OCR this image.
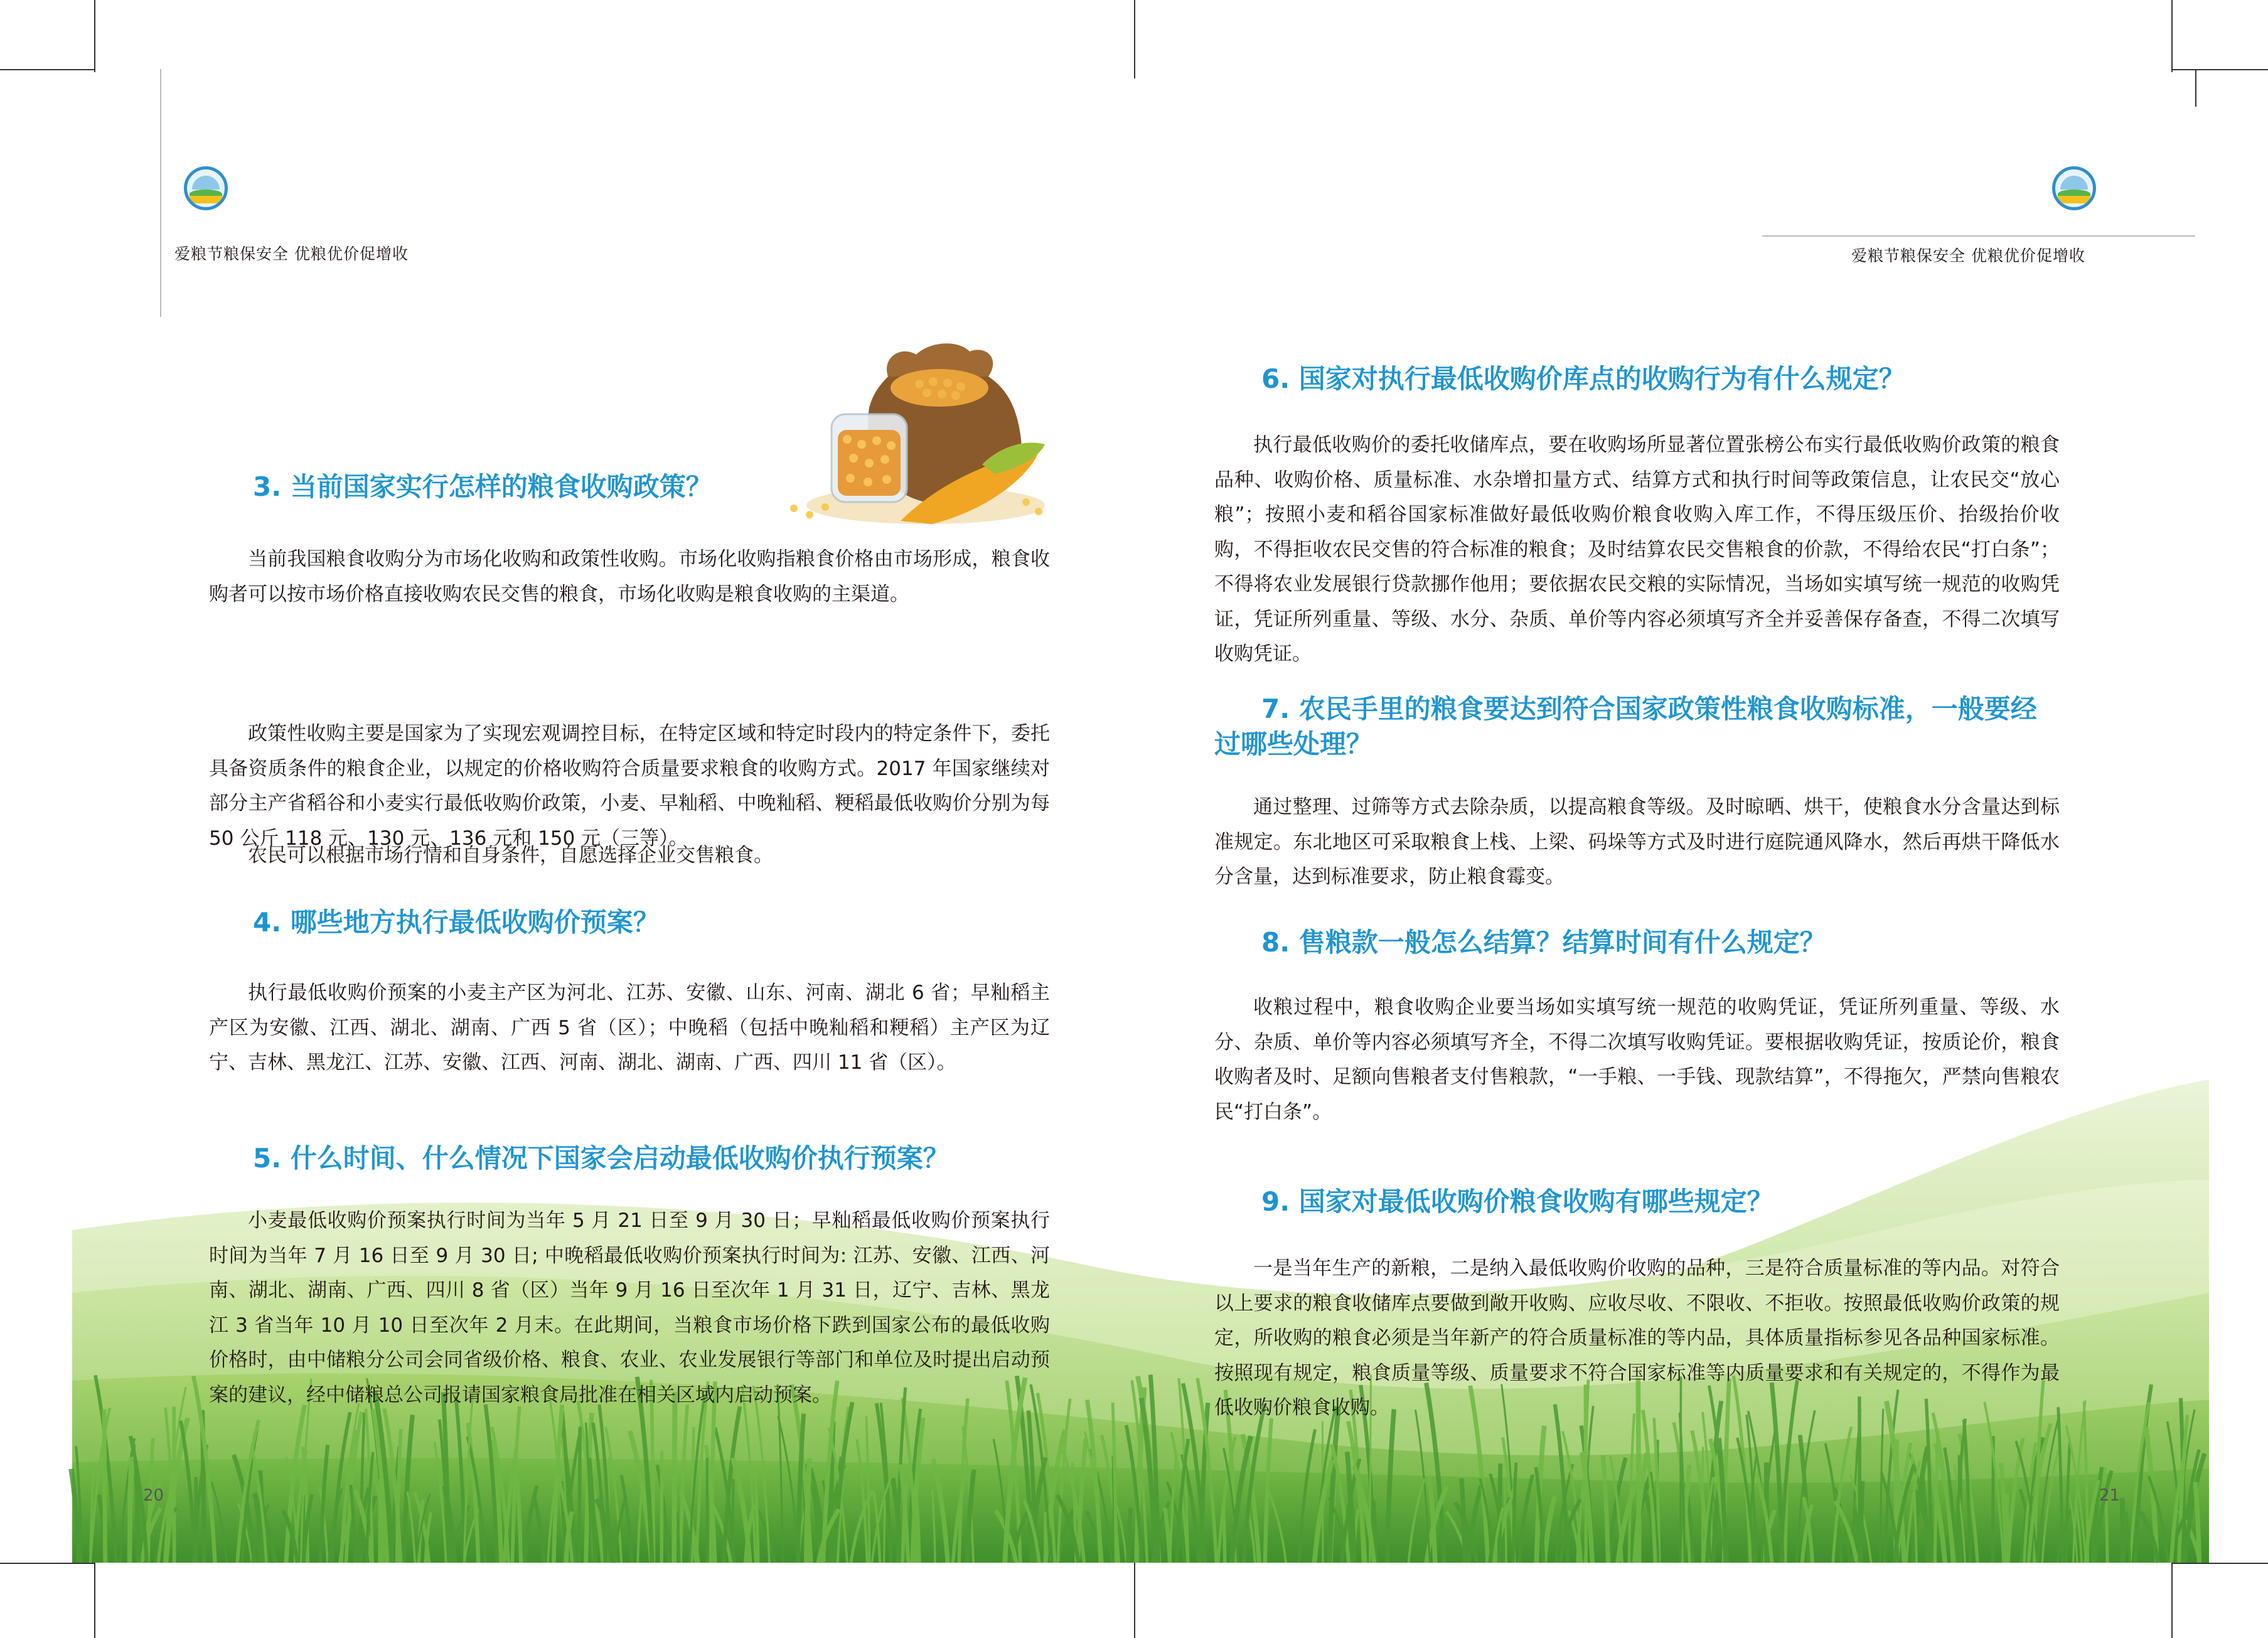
爱粮节粮保安全 优粮优价促增收	爱粮节粮保安全 优粮优价促增收
3. 当前国家实行怎样的粮食收购政策？

当前我国粮食收购分为市场化收购和政策性收购。市场化收购指粮食价格由市场形成，粮食收购者可以按市场价格直接收购农民交售的粮食，市场化收购是粮食收购的主渠道。

政策性收购主要是国家为了实现宏观调控目标，在特定区域和特定时段内的特定条件下，委托具备资质条件的粮食企业，以规定的价格收购符合质量要求粮食的收购方式。2017 年国家继续对部分主产省稻谷和小麦实行最低收购价政策，小麦、早籼稻、中晚籼稻、粳稻最低收购价分别为每 50 公斤 118 元、130 元、136 元和 150 元（三等）。

农民可以根据市场行情和自身条件，自愿选择企业交售粮食。

4. 哪些地方执行最低收购价预案？

执行最低收购价预案的小麦主产区为河北、江苏、安徽、山东、河南、湖北 6 省；早籼稻主产区为安徽、江西、湖北、湖南、广西 5 省（区）；中晚稻（包括中晚籼稻和粳稻）主产区为辽宁、吉林、黑龙江、江苏、安徽、江西、河南、湖北、湖南、广西、四川 11 省（区）。

5. 什么时间、什么情况下国家会启动最低收购价执行预案？

小麦最低收购价预案执行时间为当年 5 月 21 日至 9 月 30 日；早籼稻最低收购价预案执行时间为当年 7 月 16 日至 9 月 30 日; 中晚稻最低收购价预案执行时间为: 江苏、安徽、江西、河南、湖北、湖南、广西、四川 8 省（区）当年 9 月 16 日至次年 1 月 31 日，辽宁、吉林、黑龙江 3 省当年 10 月 10 日至次年 2 月末。在此期间，当粮食市场价格下跌到国家公布的最低收购价格时，由中储粮分公司会同省级价格、粮食、农业、农业发展银行等部门和单位及时提出启动预案的建议，经中储粮总公司报请国家粮食局批准在相关区域内启动预案。

20
6. 国家对执行最低收购价库点的收购行为有什么规定？

执行最低收购价的委托收储库点，要在收购场所显著位置张榜公布实行最低收购价政策的粮食品种、收购价格、质量标准、水杂增扣量方式、结算方式和执行时间等政策信息，让农民交“放心粮”；按照小麦和稻谷国家标准做好最低收购价粮食收购入库工作，不得压级压价、抬级抬价收购，不得拒收农民交售的符合标准的粮食；及时结算农民交售粮食的价款，不得给农民“打白条”；不得将农业发展银行贷款挪作他用；要依据农民交粮的实际情况，当场如实填写统一规范的收购凭证，凭证所列重量、等级、水分、杂质、单价等内容必须填写齐全并妥善保存备查，不得二次填写收购凭证。

7. 农民手里的粮食要达到符合国家政策性粮食收购标准，一般要经过哪些处理？

通过整理、过筛等方式去除杂质，以提高粮食等级。及时晾晒、烘干，使粮食水分含量达到标准规定。东北地区可采取粮食上栈、上梁、码垛等方式及时进行庭院通风降水，然后再烘干降低水分含量，达到标准要求，防止粮食霉变。

8. 售粮款一般怎么结算？结算时间有什么规定？

收粮过程中，粮食收购企业要当场如实填写统一规范的收购凭证，凭证所列重量、等级、水分、杂质、单价等内容必须填写齐全，不得二次填写收购凭证。要根据收购凭证，按质论价，粮食收购者及时、足额向售粮者支付售粮款，“一手粮、一手钱、现款结算”，不得拖欠，严禁向售粮农民“打白条”。

9. 国家对最低收购价粮食收购有哪些规定？

一是当年生产的新粮，二是纳入最低收购价收购的品种，三是符合质量标准的等内品。对符合以上要求的粮食收储库点要做到敞开收购、应收尽收、不限收、不拒收。按照最低收购价政策的规定，所收购的粮食必须是当年新产的符合质量标准的等内品，具体质量指标参见各品种国家标准。按照现有规定，粮食质量等级、质量要求不符合国家标准等内质量要求和有关规定的，不得作为最低收购价粮食收购。

21
